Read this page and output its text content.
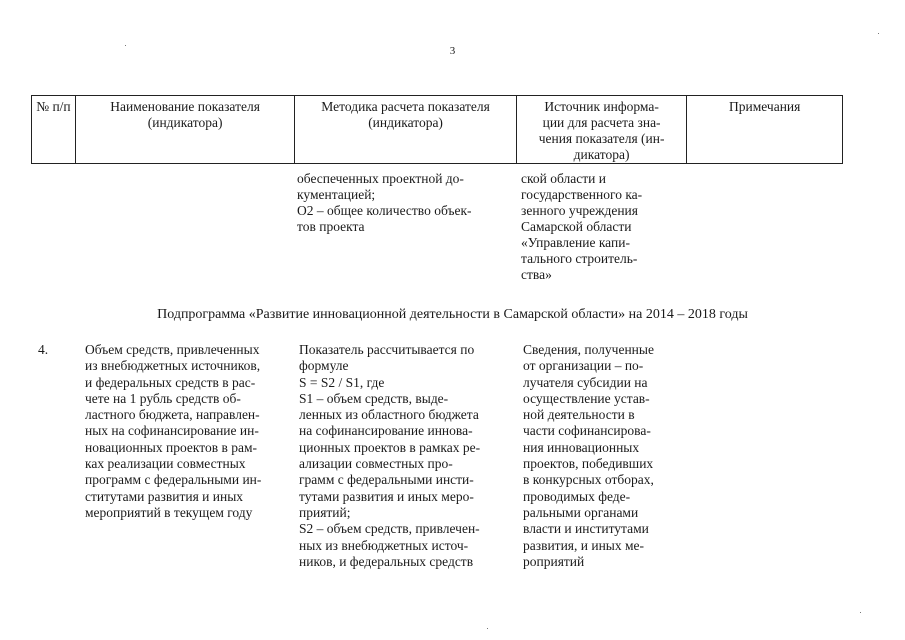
3
№ п/п	Наименование показателя
(индикатора)
Методика расчета показателя
(индикатора)
Источник информа-
ции для расчета зна-
чения показателя (ин-
дикатора)
Примечания
обеспеченных проектной до-
кументацией;
О2 – общее количество объек-
тов проекта
ской области и
государственного ка-
зенного учреждения
Самарской области
«Управление капи-
тального строитель-
ства»
Подпрограмма «Развитие инновационной деятельности в Самарской области» на 2014 – 2018 годы
4.	Объем средств, привлеченных
из внебюджетных источников,
и федеральных средств в рас-
чете на 1 рубль средств об-
ластного бюджета, направлен-
ных на софинансирование ин-
новационных проектов в рам-
ках реализации совместных
программ с федеральными ин-
ститутами развития и иных
мероприятий в текущем году
Показатель рассчитывается по
формуле
S = S2 / S1, где
S1 – объем средств, выде-
ленных из областного бюджета
на софинансирование иннова-
ционных проектов в рамках ре-
ализации совместных про-
грамм с федеральными инсти-
тутами развития и иных меро-
приятий;
S2 – объем средств, привлечен-
ных из внебюджетных источ-
ников, и федеральных средств
Сведения, полученные
от организации – по-
лучателя субсидии на
осуществление устав-
ной деятельности в
части софинансирова-
ния инновационных
проектов, победивших
в конкурсных отборах,
проводимых феде-
ральными органами
власти и институтами
развития, и иных ме-
роприятий
